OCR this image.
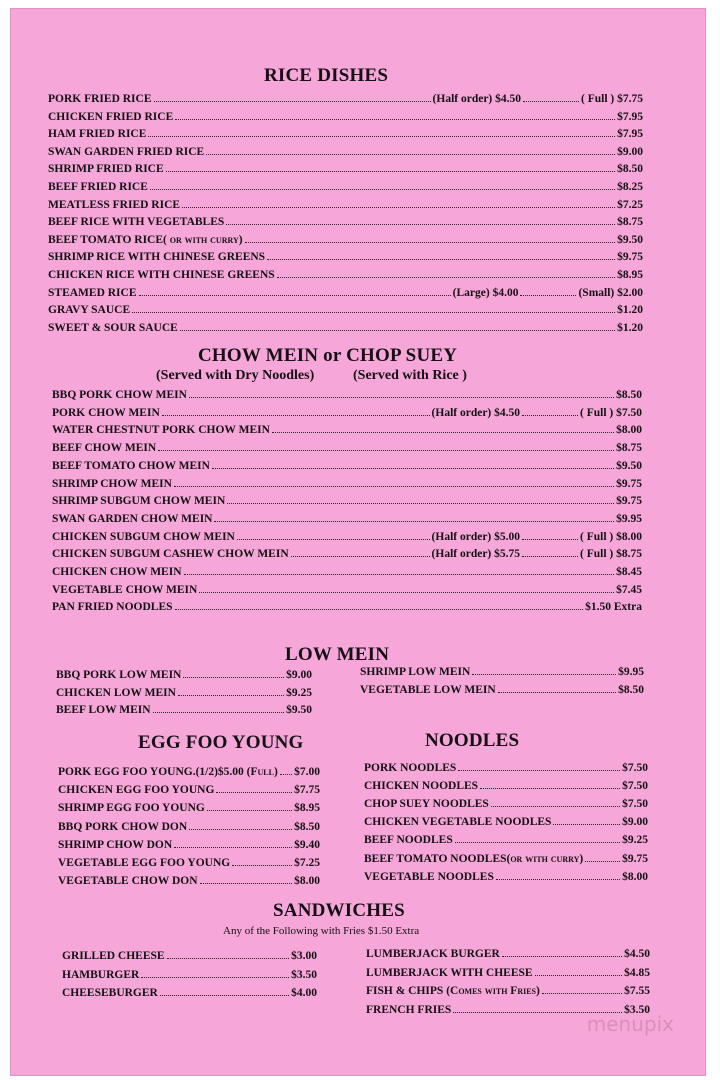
RICE DISHES
PORK FRIED RICE	(Half order) $4.50	( Full ) $7.75
CHICKEN FRIED RICE	$7.95
HAM FRIED RICE	$7.95
SWAN GARDEN FRIED RICE	$9.00
SHRIMP FRIED RICE	$8.50
BEEF FRIED RICE	$8.25
MEATLESS FRIED RICE	$7.25
BEEF RICE WITH VEGETABLES	$8.75
BEEF TOMATO RICE( or with curry)	$9.50
SHRIMP RICE WITH CHINESE GREENS	$9.75
CHICKEN RICE WITH CHINESE GREENS	$8.95
STEAMED RICE	(Large) $4.00	(Small) $2.00
GRAVY SAUCE	$1.20
SWEET & SOUR SAUCE	$1.20
CHOW MEIN or CHOP SUEY
(Served with Dry Noodles)	(Served with Rice )
BBQ PORK CHOW MEIN	$8.50
PORK CHOW MEIN	(Half order) $4.50	( Full ) $7.50
WATER CHESTNUT PORK CHOW MEIN	$8.00
BEEF CHOW MEIN	$8.75
BEEF TOMATO CHOW MEIN	$9.50
SHRIMP CHOW MEIN	$9.75
SHRIMP SUBGUM CHOW MEIN	$9.75
SWAN GARDEN CHOW MEIN	$9.95
CHICKEN SUBGUM CHOW MEIN	(Half order) $5.00	( Full ) $8.00
CHICKEN SUBGUM CASHEW CHOW MEIN	(Half order) $5.75	( Full ) $8.75
CHICKEN CHOW MEIN	$8.45
VEGETABLE CHOW MEIN	$7.45
PAN FRIED NOODLES	$1.50 Extra
LOW MEIN
BBQ PORK LOW MEIN	$9.00
CHICKEN LOW MEIN	$9.25
BEEF LOW MEIN	$9.50
SHRIMP LOW MEIN	$9.95
VEGETABLE LOW MEIN	$8.50
EGG FOO YOUNG
PORK EGG FOO YOUNG.(1/2)$5.00 (Full) $7.00
CHICKEN EGG FOO YOUNG	$7.75
SHRIMP EGG FOO YOUNG	$8.95
BBQ PORK CHOW DON	$8.50
SHRIMP CHOW DON	$9.40
VEGETABLE EGG FOO YOUNG	$7.25
VEGETABLE CHOW DON	$8.00
NOODLES
PORK NOODLES	$7.50
CHICKEN NOODLES	$7.50
CHOP SUEY NOODLES	$7.50
CHICKEN VEGETABLE NOODLES	$9.00
BEEF NOODLES	$9.25
BEEF TOMATO NOODLES(or with curry)	$9.75
VEGETABLE NOODLES	$8.00
SANDWICHES
Any of the Following with Fries $1.50 Extra
GRILLED CHEESE	$3.00
HAMBURGER	$3.50
CHEESEBURGER	$4.00
LUMBERJACK BURGER	$4.50
LUMBERJACK WITH CHEESE	$4.85
FISH & CHIPS (Comes with Fries)	$7.55
FRENCH FRIES	$3.50
menupix
